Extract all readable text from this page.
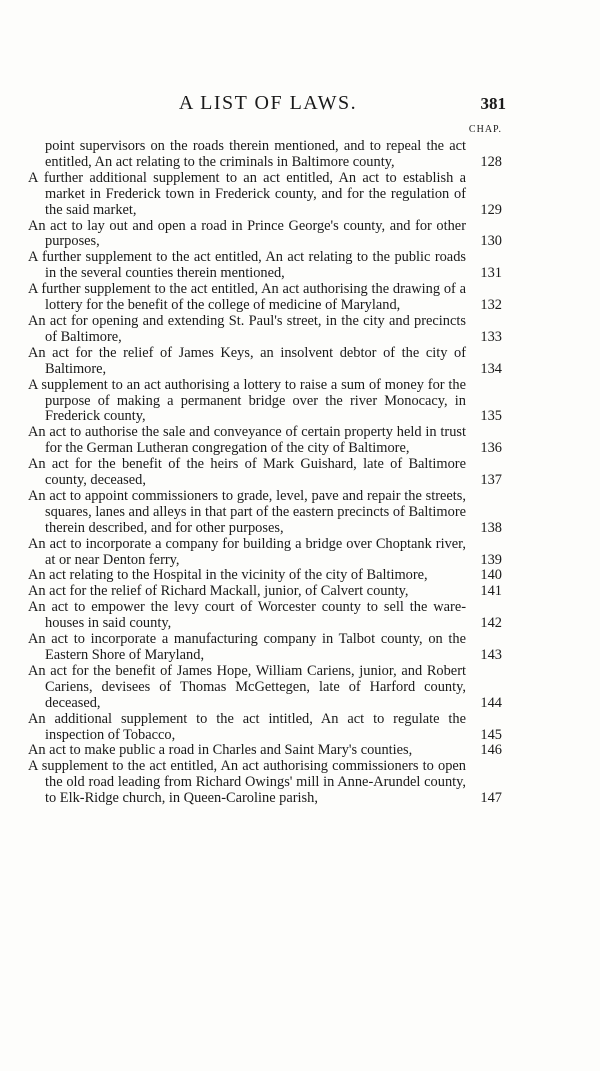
A LIST OF LAWS.	381
CHAP.
point supervisors on the roads therein mentioned, and to repeal the act entitled, An act relating to the criminals in Baltimore county,	128
A further additional supplement to an act entitled, An act to establish a market in Frederick town in Frederick county, and for the regulation of the said market,	129
An act to lay out and open a road in Prince George's county, and for other purposes,	130
A further supplement to the act entitled, An act relating to the public roads in the several counties therein mentioned,	131
A further supplement to the act entitled, An act authorising the drawing of a lottery for the benefit of the college of medicine of Maryland,	132
An act for opening and extending St. Paul's street, in the city and precincts of Baltimore,	133
An act for the relief of James Keys, an insolvent debtor of the city of Baltimore,	134
A supplement to an act authorising a lottery to raise a sum of money for the purpose of making a permanent bridge over the river Monocacy, in Frederick county,	135
An act to authorise the sale and conveyance of certain property held in trust for the German Lutheran congregation of the city of Baltimore,	136
An act for the benefit of the heirs of Mark Guishard, late of Baltimore county, deceased,	137
An act to appoint commissioners to grade, level, pave and repair the streets, squares, lanes and alleys in that part of the eastern precincts of Baltimore therein described, and for other purposes,	138
An act to incorporate a company for building a bridge over Choptank river, at or near Denton ferry,	139
An act relating to the Hospital in the vicinity of the city of Baltimore,	140
An act for the relief of Richard Mackall, junior, of Calvert county,	141
An act to empower the levy court of Worcester county to sell the ware-houses in said county,	142
An act to incorporate a manufacturing company in Talbot county, on the Eastern Shore of Maryland,	143
An act for the benefit of James Hope, William Cariens, junior, and Robert Cariens, devisees of Thomas McGettegen, late of Harford county, deceased,	144
An additional supplement to the act intitled, An act to regulate the inspection of Tobacco,	145
An act to make public a road in Charles and Saint Mary's counties,	146
A supplement to the act entitled, An act authorising commissioners to open the old road leading from Richard Owings' mill in Anne-Arundel county, to Elk-Ridge church, in Queen-Caroline parish,	147
